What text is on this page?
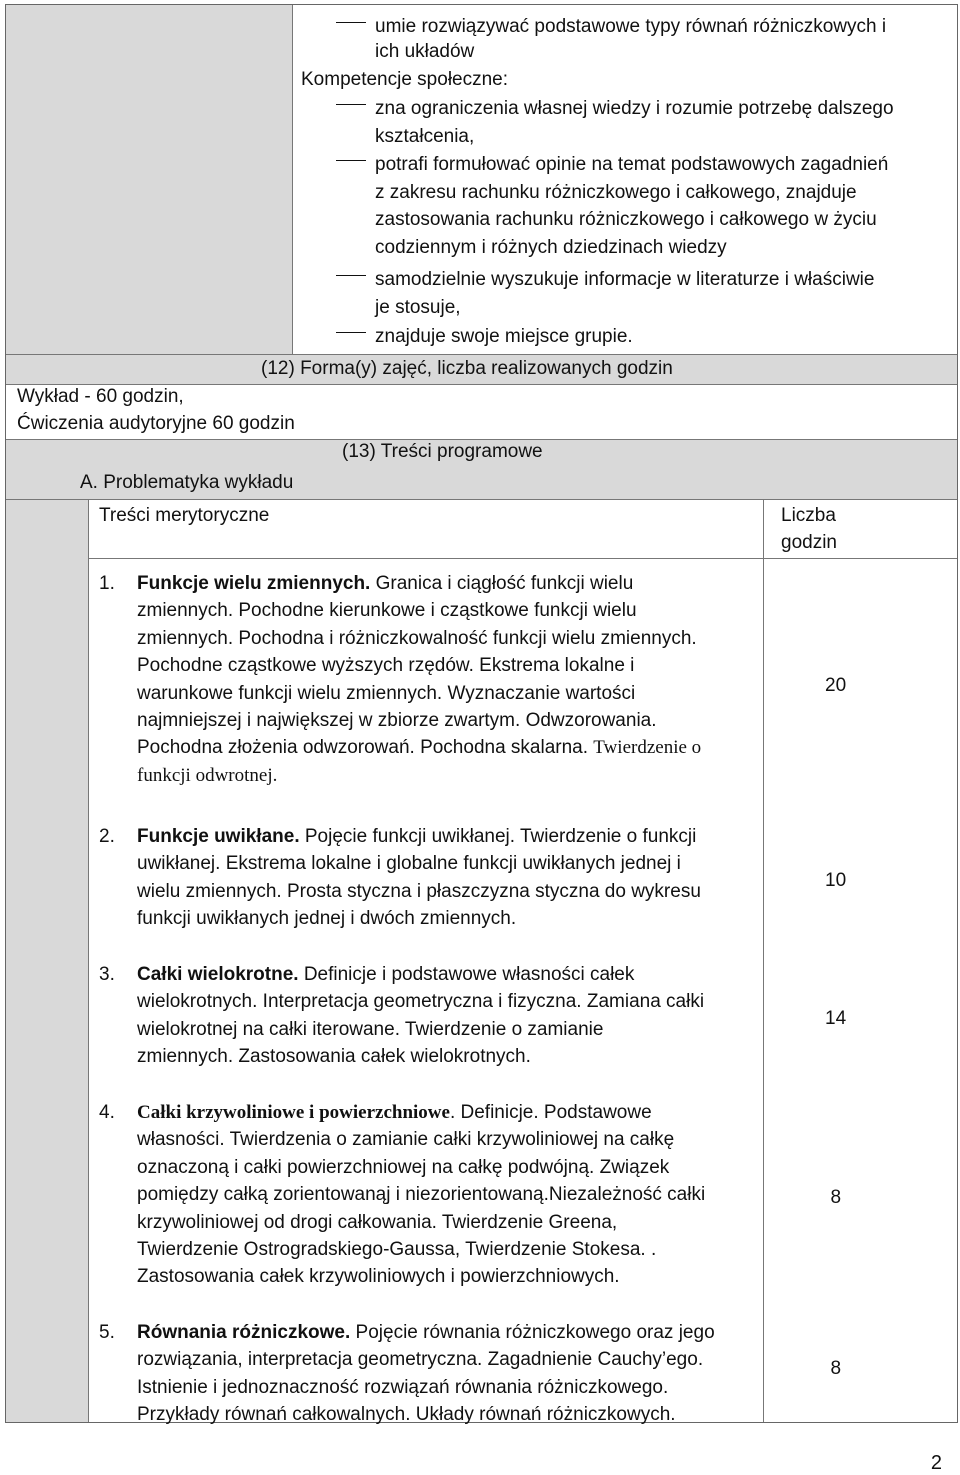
umie rozwiązywać podstawowe typy równań różniczkowych i
ich układów
Kompetencje społeczne:
zna ograniczenia własnej wiedzy i rozumie potrzebę dalszego
kształcenia,
potrafi formułować opinie na temat podstawowych zagadnień
z zakresu rachunku różniczkowego i całkowego, znajduje
zastosowania rachunku różniczkowego i całkowego w życiu
codziennym i różnych dziedzinach wiedzy
samodzielnie wyszukuje informacje w literaturze i właściwie
je stosuje,
znajduje swoje miejsce grupie.
(12) Forma(y) zajęć, liczba realizowanych godzin
Wykład - 60 godzin,
Ćwiczenia audytoryjne 60 godzin
(13) Treści programowe
A. Problematyka wykładu
Treści merytoryczne	Liczba
godzin
1. Funkcje wielu zmiennych. Granica i ciągłość funkcji wielu
zmiennych. Pochodne kierunkowe i cząstkowe funkcji wielu
zmiennych. Pochodna i różniczkowalność funkcji wielu zmiennych.
Pochodne cząstkowe wyższych rzędów. Ekstrema lokalne i
warunkowe funkcji wielu zmiennych. Wyznaczanie wartości
najmniejszej i największej w zbiorze zwartym. Odwzorowania.
Pochodna złożenia odwzorowań. Pochodna skalarna. Twierdzenie o
funkcji odwrotnej.
20
2. Funkcje uwikłane. Pojęcie funkcji uwikłanej. Twierdzenie o funkcji
uwikłanej. Ekstrema lokalne i globalne funkcji uwikłanych jednej i
wielu zmiennych. Prosta styczna i płaszczyzna styczna do wykresu
funkcji uwikłanych jednej i dwóch zmiennych.
10
3. Całki wielokrotne. Definicje i podstawowe własności całek
wielokrotnych. Interpretacja geometryczna i fizyczna. Zamiana całki
wielokrotnej na całki iterowane. Twierdzenie o zamianie
zmiennych. Zastosowania całek wielokrotnych.
14
4. Całki krzywoliniowe i powierzchniowe. Definicje. Podstawowe
własności. Twierdzenia o zamianie całki krzywoliniowej na całkę
oznaczoną i całki powierzchniowej na całkę podwójną. Związek
pomiędzy całką zorientowanąj i niezorientowaną.Niezależność całki
krzywoliniowej od drogi całkowania. Twierdzenie Greena,
Twierdzenie Ostrogradskiego-Gaussa, Twierdzenie Stokesa. .
Zastosowania całek krzywoliniowych i powierzchniowych.
8
5. Równania różniczkowe. Pojęcie równania różniczkowego oraz jego
rozwiązania, interpretacja geometryczna. Zagadnienie Cauchy’ego.
Istnienie i jednoznaczność rozwiązań równania różniczkowego.
Przykłady równań całkowalnych. Układy równań różniczkowych.
8
2
